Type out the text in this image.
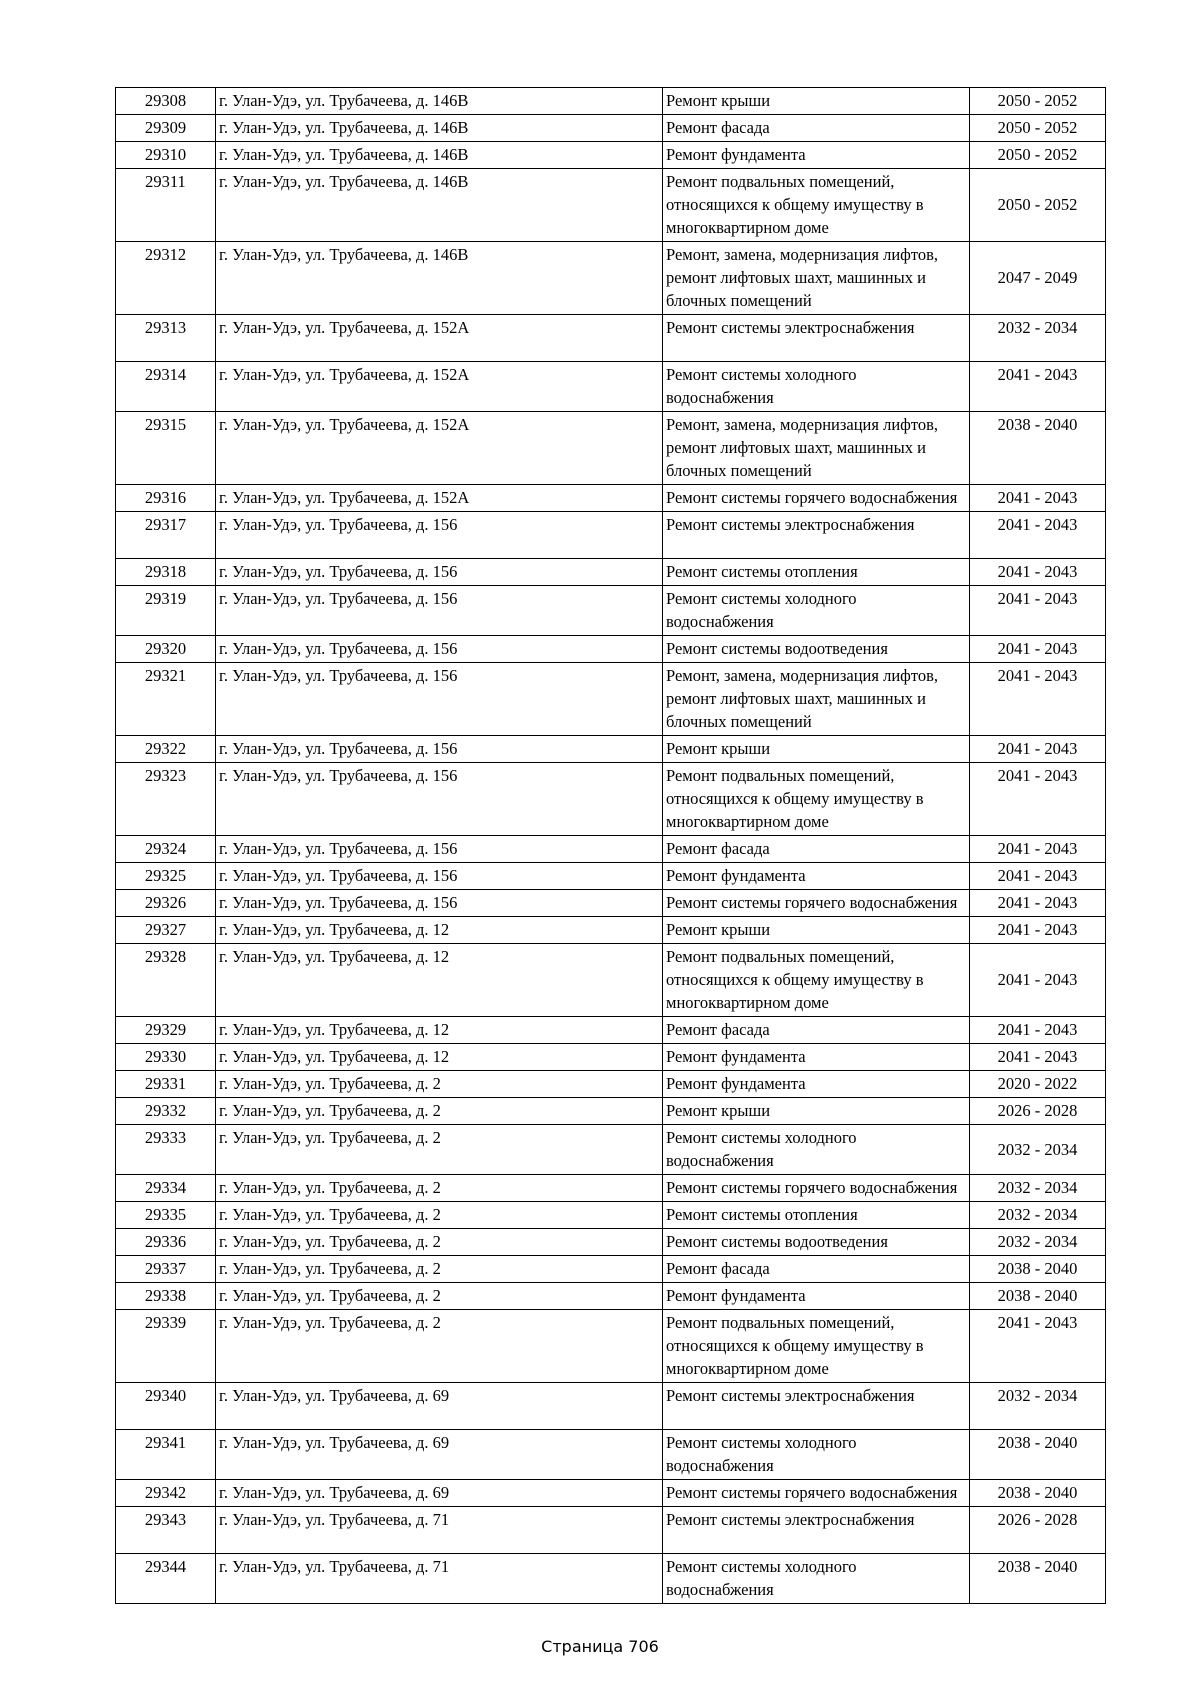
29308	г. Улан-Удэ, ул. Трубачеева, д. 146В	Ремонт крыши	2050 - 2052
29309	г. Улан-Удэ, ул. Трубачеева, д. 146В	Ремонт фасада	2050 - 2052
29310	г. Улан-Удэ, ул. Трубачеева, д. 146В	Ремонт фундамента	2050 - 2052
29311	г. Улан-Удэ, ул. Трубачеева, д. 146В	Ремонт подвальных помещений, относящихся к общему имуществу в многоквартирном доме	2050 - 2052
29312	г. Улан-Удэ, ул. Трубачеева, д. 146В	Ремонт, замена, модернизация лифтов, ремонт лифтовых шахт, машинных и блочных помещений	2047 - 2049
29313	г. Улан-Удэ, ул. Трубачеева, д. 152А	Ремонт системы электроснабжения	2032 - 2034
29314	г. Улан-Удэ, ул. Трубачеева, д. 152А	Ремонт системы холодного водоснабжения	2041 - 2043
29315	г. Улан-Удэ, ул. Трубачеева, д. 152А	Ремонт, замена, модернизация лифтов, ремонт лифтовых шахт, машинных и блочных помещений	2038 - 2040
29316	г. Улан-Удэ, ул. Трубачеева, д. 152А	Ремонт системы горячего водоснабжения	2041 - 2043
29317	г. Улан-Удэ, ул. Трубачеева, д. 156	Ремонт системы электроснабжения	2041 - 2043
29318	г. Улан-Удэ, ул. Трубачеева, д. 156	Ремонт системы отопления	2041 - 2043
29319	г. Улан-Удэ, ул. Трубачеева, д. 156	Ремонт системы холодного водоснабжения	2041 - 2043
29320	г. Улан-Удэ, ул. Трубачеева, д. 156	Ремонт системы водоотведения	2041 - 2043
29321	г. Улан-Удэ, ул. Трубачеева, д. 156	Ремонт, замена, модернизация лифтов, ремонт лифтовых шахт, машинных и блочных помещений	2041 - 2043
29322	г. Улан-Удэ, ул. Трубачеева, д. 156	Ремонт крыши	2041 - 2043
29323	г. Улан-Удэ, ул. Трубачеева, д. 156	Ремонт подвальных помещений, относящихся к общему имуществу в многоквартирном доме	2041 - 2043
29324	г. Улан-Удэ, ул. Трубачеева, д. 156	Ремонт фасада	2041 - 2043
29325	г. Улан-Удэ, ул. Трубачеева, д. 156	Ремонт фундамента	2041 - 2043
29326	г. Улан-Удэ, ул. Трубачеева, д. 156	Ремонт системы горячего водоснабжения	2041 - 2043
29327	г. Улан-Удэ, ул. Трубачеева, д. 12	Ремонт крыши	2041 - 2043
29328	г. Улан-Удэ, ул. Трубачеева, д. 12	Ремонт подвальных помещений, относящихся к общему имуществу в многоквартирном доме	2041 - 2043
29329	г. Улан-Удэ, ул. Трубачеева, д. 12	Ремонт фасада	2041 - 2043
29330	г. Улан-Удэ, ул. Трубачеева, д. 12	Ремонт фундамента	2041 - 2043
29331	г. Улан-Удэ, ул. Трубачеева, д. 2	Ремонт фундамента	2020 - 2022
29332	г. Улан-Удэ, ул. Трубачеева, д. 2	Ремонт крыши	2026 - 2028
29333	г. Улан-Удэ, ул. Трубачеева, д. 2	Ремонт системы холодного водоснабжения	2032 - 2034
29334	г. Улан-Удэ, ул. Трубачеева, д. 2	Ремонт системы горячего водоснабжения	2032 - 2034
29335	г. Улан-Удэ, ул. Трубачеева, д. 2	Ремонт системы отопления	2032 - 2034
29336	г. Улан-Удэ, ул. Трубачеева, д. 2	Ремонт системы водоотведения	2032 - 2034
29337	г. Улан-Удэ, ул. Трубачеева, д. 2	Ремонт фасада	2038 - 2040
29338	г. Улан-Удэ, ул. Трубачеева, д. 2	Ремонт фундамента	2038 - 2040
29339	г. Улан-Удэ, ул. Трубачеева, д. 2	Ремонт подвальных помещений, относящихся к общему имуществу в многоквартирном доме	2041 - 2043
29340	г. Улан-Удэ, ул. Трубачеева, д. 69	Ремонт системы электроснабжения	2032 - 2034
29341	г. Улан-Удэ, ул. Трубачеева, д. 69	Ремонт системы холодного водоснабжения	2038 - 2040
29342	г. Улан-Удэ, ул. Трубачеева, д. 69	Ремонт системы горячего водоснабжения	2038 - 2040
29343	г. Улан-Удэ, ул. Трубачеева, д. 71	Ремонт системы электроснабжения	2026 - 2028
29344	г. Улан-Удэ, ул. Трубачеева, д. 71	Ремонт системы холодного водоснабжения	2038 - 2040
Страница 706
